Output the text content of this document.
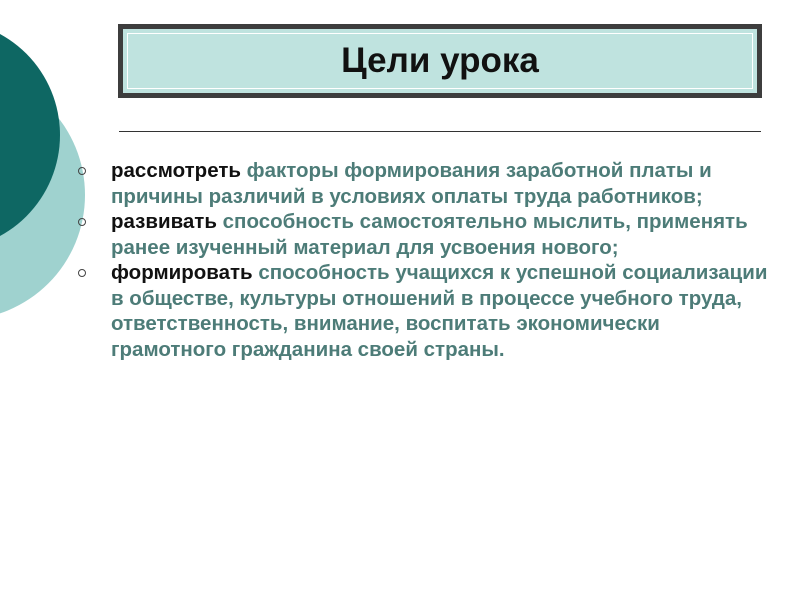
Цели урока
рассмотреть факторы формирования заработной платы и причины различий в условиях оплаты труда работников;
развивать способность самостоятельно мыслить, применять ранее изученный материал для усвоения нового;
формировать способность учащихся к успешной социализации в обществе, культуры отношений в процессе учебного труда, ответственность, внимание, воспитать экономически грамотного гражданина своей страны.
